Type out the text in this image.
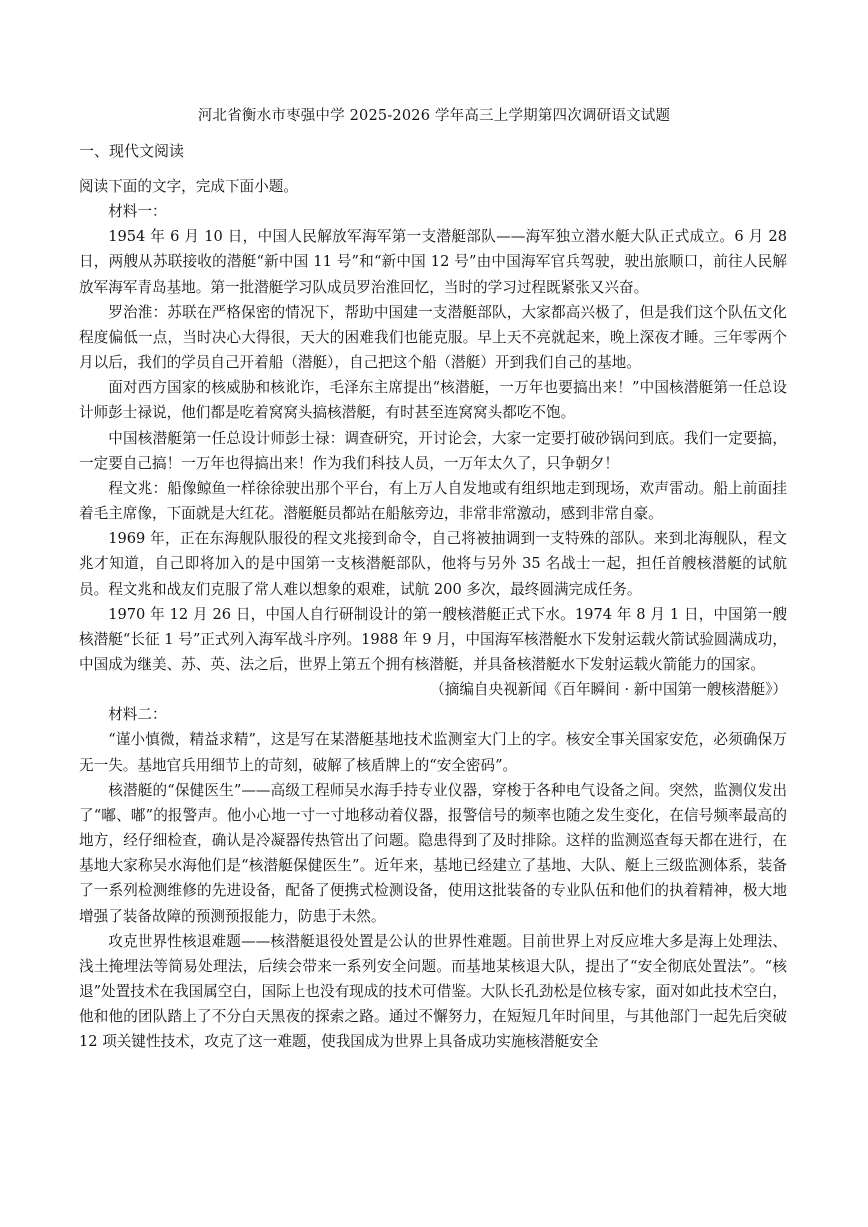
河北省衡水市枣强中学 2025-2026 学年高三上学期第四次调研语文试题
一、现代文阅读

阅读下面的文字，完成下面小题。

材料一：

1954 年 6 月 10 日，中国人民解放军海军第一支潜艇部队——海军独立潜水艇大队正式成立。6 月 28 日，两艘从苏联接收的潜艇“新中国 11 号”和“新中国 12 号”由中国海军官兵驾驶，驶出旅顺口，前往人民解放军海军青岛基地。第一批潜艇学习队成员罗治淮回忆，当时的学习过程既紧张又兴奋。

罗治淮：苏联在严格保密的情况下，帮助中国建一支潜艇部队，大家都高兴极了，但是我们这个队伍文化程度偏低一点，当时决心大得很，天大的困难我们也能克服。早上天不亮就起来，晚上深夜才睡。三年零两个月以后，我们的学员自己开着船（潜艇），自己把这个船（潜艇）开到我们自己的基地。

面对西方国家的核威胁和核讹诈，毛泽东主席提出“核潜艇，一万年也要搞出来！”中国核潜艇第一任总设计师彭士禄说，他们都是吃着窝窝头搞核潜艇，有时甚至连窝窝头都吃不饱。

中国核潜艇第一任总设计师彭士禄：调查研究，开讨论会，大家一定要打破砂锅问到底。我们一定要搞，一定要自己搞！一万年也得搞出来！作为我们科技人员，一万年太久了，只争朝夕！

程文兆：船像鲸鱼一样徐徐驶出那个平台，有上万人自发地或有组织地走到现场，欢声雷动。船上前面挂着毛主席像，下面就是大红花。潜艇艇员都站在船舷旁边，非常非常激动，感到非常自豪。

1969 年，正在东海舰队服役的程文兆接到命令，自己将被抽调到一支特殊的部队。来到北海舰队，程文兆才知道，自己即将加入的是中国第一支核潜艇部队，他将与另外 35 名战士一起，担任首艘核潜艇的试航员。程文兆和战友们克服了常人难以想象的艰难，试航 200 多次，最终圆满完成任务。

1970 年 12 月 26 日，中国人自行研制设计的第一艘核潜艇正式下水。1974 年 8 月 1 日，中国第一艘核潜艇“长征 1 号”正式列入海军战斗序列。1988 年 9 月，中国海军核潜艇水下发射运载火箭试验圆满成功，中国成为继美、苏、英、法之后，世界上第五个拥有核潜艇，并具备核潜艇水下发射运载火箭能力的国家。

（摘编自央视新闻《百年瞬间 · 新中国第一艘核潜艇》）

材料二：

“谨小慎微，精益求精”，这是写在某潜艇基地技术监测室大门上的字。核安全事关国家安危，必须确保万无一失。基地官兵用细节上的苛刻，破解了核盾牌上的“安全密码”。

核潜艇的“保健医生”——高级工程师吴水海手持专业仪器，穿梭于各种电气设备之间。突然，监测仪发出了“嘟、嘟”的报警声。他小心地一寸一寸地移动着仪器，报警信号的频率也随之发生变化，在信号频率最高的地方，经仔细检查，确认是冷凝器传热管出了问题。隐患得到了及时排除。这样的监测巡查每天都在进行，在基地大家称吴水海他们是“核潜艇保健医生”。近年来，基地已经建立了基地、大队、艇上三级监测体系，装备了一系列检测维修的先进设备，配备了便携式检测设备，使用这批装备的专业队伍和他们的执着精神，极大地增强了装备故障的预测预报能力，防患于未然。

攻克世界性核退难题——核潜艇退役处置是公认的世界性难题。目前世界上对反应堆大多是海上处理法、浅土掩埋法等简易处理法，后续会带来一系列安全问题。而基地某核退大队，提出了“安全彻底处置法”。“核退”处置技术在我国属空白，国际上也没有现成的技术可借鉴。大队长孔劲松是位核专家，面对如此技术空白，他和他的团队踏上了不分白天黑夜的探索之路。通过不懈努力，在短短几年时间里，与其他部门一起先后突破 12 项关键性技术，攻克了这一难题，使我国成为世界上具备成功实施核潜艇安全
